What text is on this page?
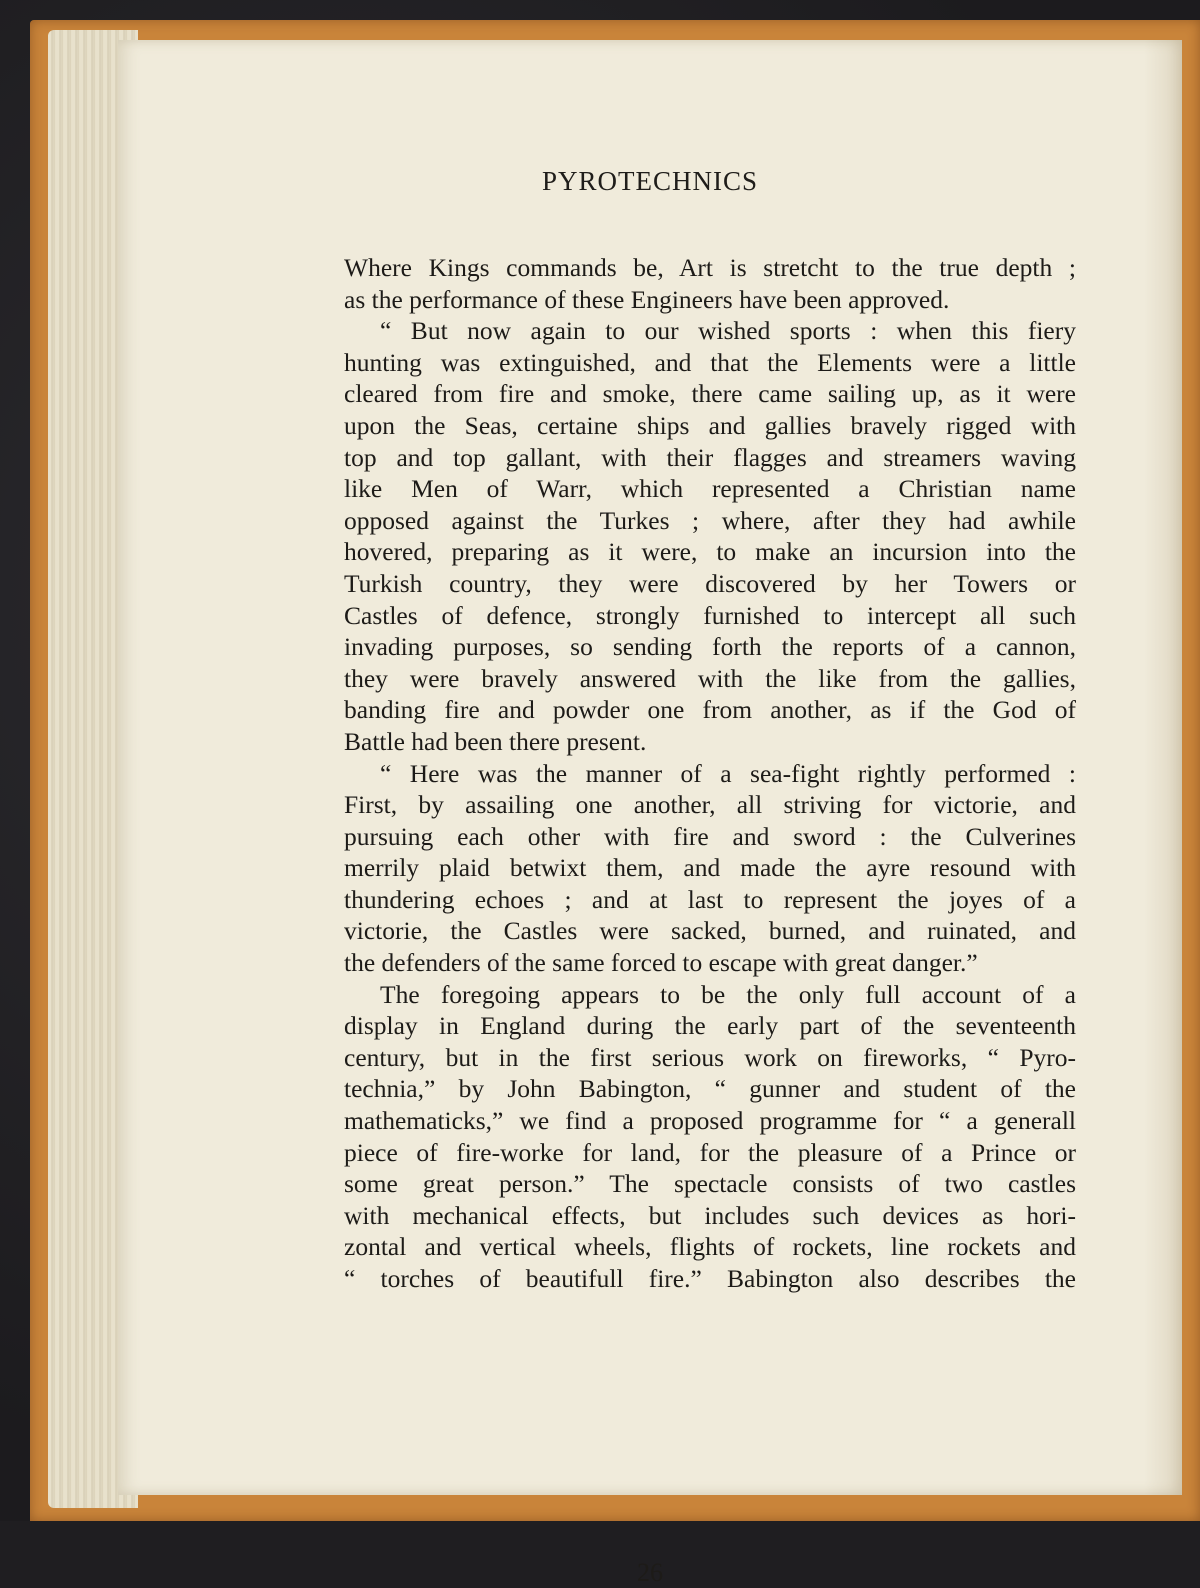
PYROTECHNICS
Where Kings commands be, Art is stretcht to the true depth ;
as the performance of these Engineers have been approved.
“ But now again to our wished sports : when this fiery
hunting was extinguished, and that the Elements were a little
cleared from fire and smoke, there came sailing up, as it were
upon the Seas, certaine ships and gallies bravely rigged with
top and top gallant, with their flagges and streamers waving
like Men of Warr, which represented a Christian name
opposed against the Turkes ; where, after they had awhile
hovered, preparing as it were, to make an incursion into the
Turkish country, they were discovered by her Towers or
Castles of defence, strongly furnished to intercept all such
invading purposes, so sending forth the reports of a cannon,
they were bravely answered with the like from the gallies,
banding fire and powder one from another, as if the God of
Battle had been there present.
“ Here was the manner of a sea-fight rightly performed :
First, by assailing one another, all striving for victorie, and
pursuing each other with fire and sword : the Culverines
merrily plaid betwixt them, and made the ayre resound with
thundering echoes ; and at last to represent the joyes of a
victorie, the Castles were sacked, burned, and ruinated, and
the defenders of the same forced to escape with great danger.”
The foregoing appears to be the only full account of a
display in England during the early part of the seventeenth
century, but in the first serious work on fireworks, “ Pyro-
technia,” by John Babington, “ gunner and student of the
mathematicks,” we find a proposed programme for “ a generall
piece of fire-worke for land, for the pleasure of a Prince or
some great person.” The spectacle consists of two castles
with mechanical effects, but includes such devices as hori-
zontal and vertical wheels, flights of rockets, line rockets and
“ torches of beautifull fire.” Babington also describes the
26
